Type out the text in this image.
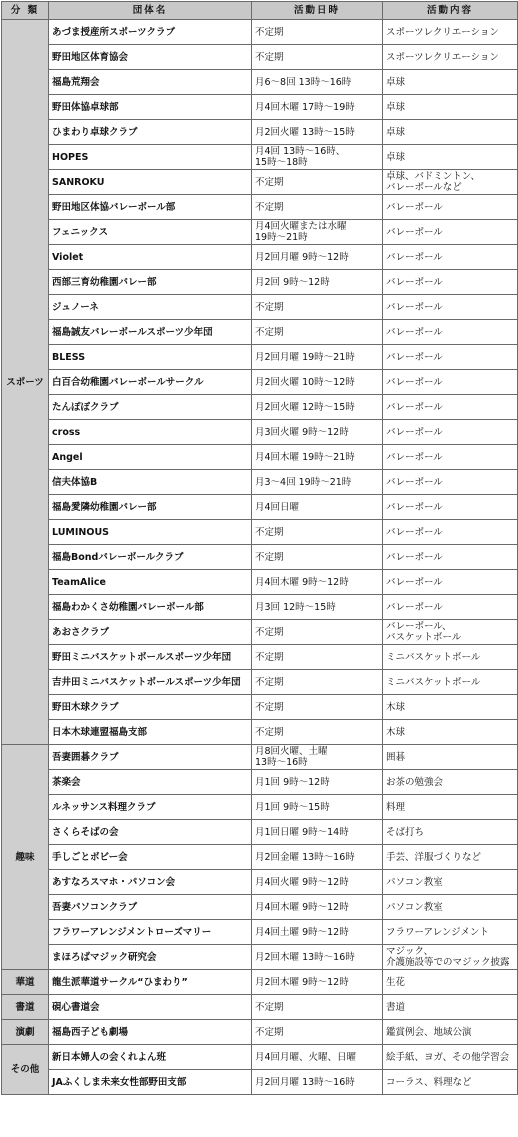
分 類	団体名	活動日時	活動内容
スポーツ	あづま授産所スポーツクラブ	不定期	スポーツレクリエーション

	野田地区体育協会	不定期	スポーツレクリエーション

	福島荒翔会	月6～8回 13時～16時	卓球

	野田体協卓球部	月4回木曜 17時～19時	卓球

	ひまわり卓球クラブ	月2回火曜 13時～15時	卓球

	HOPES	月4回 13時～16時、
15時～18時	卓球

	SANROKU	不定期	卓球、バドミントン、
バレーボールなど

	野田地区体協バレーボール部	不定期	バレーボール

	フェニックス	月4回火曜または水曜
19時～21時	バレーボール

	Violet	月2回月曜 9時～12時	バレーボール

	西部三育幼稚園バレー部	月2回 9時～12時	バレーボール

	ジュノーネ	不定期	バレーボール

	福島誠友バレーボールスポーツ少年団	不定期	バレーボール

	BLESS	月2回月曜 19時～21時	バレーボール

	白百合幼稚園バレーボールサークル	月2回火曜 10時～12時	バレーボール

	たんぽぽクラブ	月2回火曜 12時～15時	バレーボール

	cross	月3回火曜 9時～12時	バレーボール

	Angel	月4回木曜 19時～21時	バレーボール

	信夫体協B	月3～4回 19時～21時	バレーボール

	福島愛隣幼稚園バレー部	月4回日曜	バレーボール

	LUMINOUS	不定期	バレーボール

	福島Bondバレーボールクラブ	不定期	バレーボール

	TeamAlice	月4回木曜 9時～12時	バレーボール

	福島わかくさ幼稚園バレーボール部	月3回 12時～15時	バレーボール

	あおさクラブ	不定期	バレーボール、
バスケットボール

	野田ミニバスケットボールスポーツ少年団	不定期	ミニバスケットボール

	吉井田ミニバスケットボールスポーツ少年団	不定期	ミニバスケットボール

	野田木球クラブ	不定期	木球

	日本木球連盟福島支部	不定期	木球

趣味	吾妻囲碁クラブ	月8回火曜、土曜
13時～16時	囲碁

	茶楽会	月1回 9時～12時	お茶の勉強会

	ルネッサンス料理クラブ	月1回 9時～15時	料理

	さくらそばの会	月1回日曜 9時～14時	そば打ち

	手しごとボビー会	月2回金曜 13時～16時	手芸、洋服づくりなど

	あすなろスマホ・パソコン会	月4回火曜 9時～12時	パソコン教室

	吾妻パソコンクラブ	月4回木曜 9時～12時	パソコン教室

	フラワーアレンジメントローズマリー	月4回土曜 9時～12時	フラワーアレンジメント

	まほろばマジック研究会	月2回木曜 13時～16時	マジック、
介護施設等でのマジック披露

華道	龍生派華道サークル“ひまわり”	月2回木曜 9時～12時	生花

書道	硯心書道会	不定期	書道

演劇	福島西子ども劇場	不定期	鑑賞例会、地域公演

その他	新日本婦人の会くれよん班	月4回月曜、火曜、日曜	絵手紙、ヨガ、その他学習会

	JAふくしま未来女性部野田支部	月2回月曜 13時～16時	コーラス、料理など
